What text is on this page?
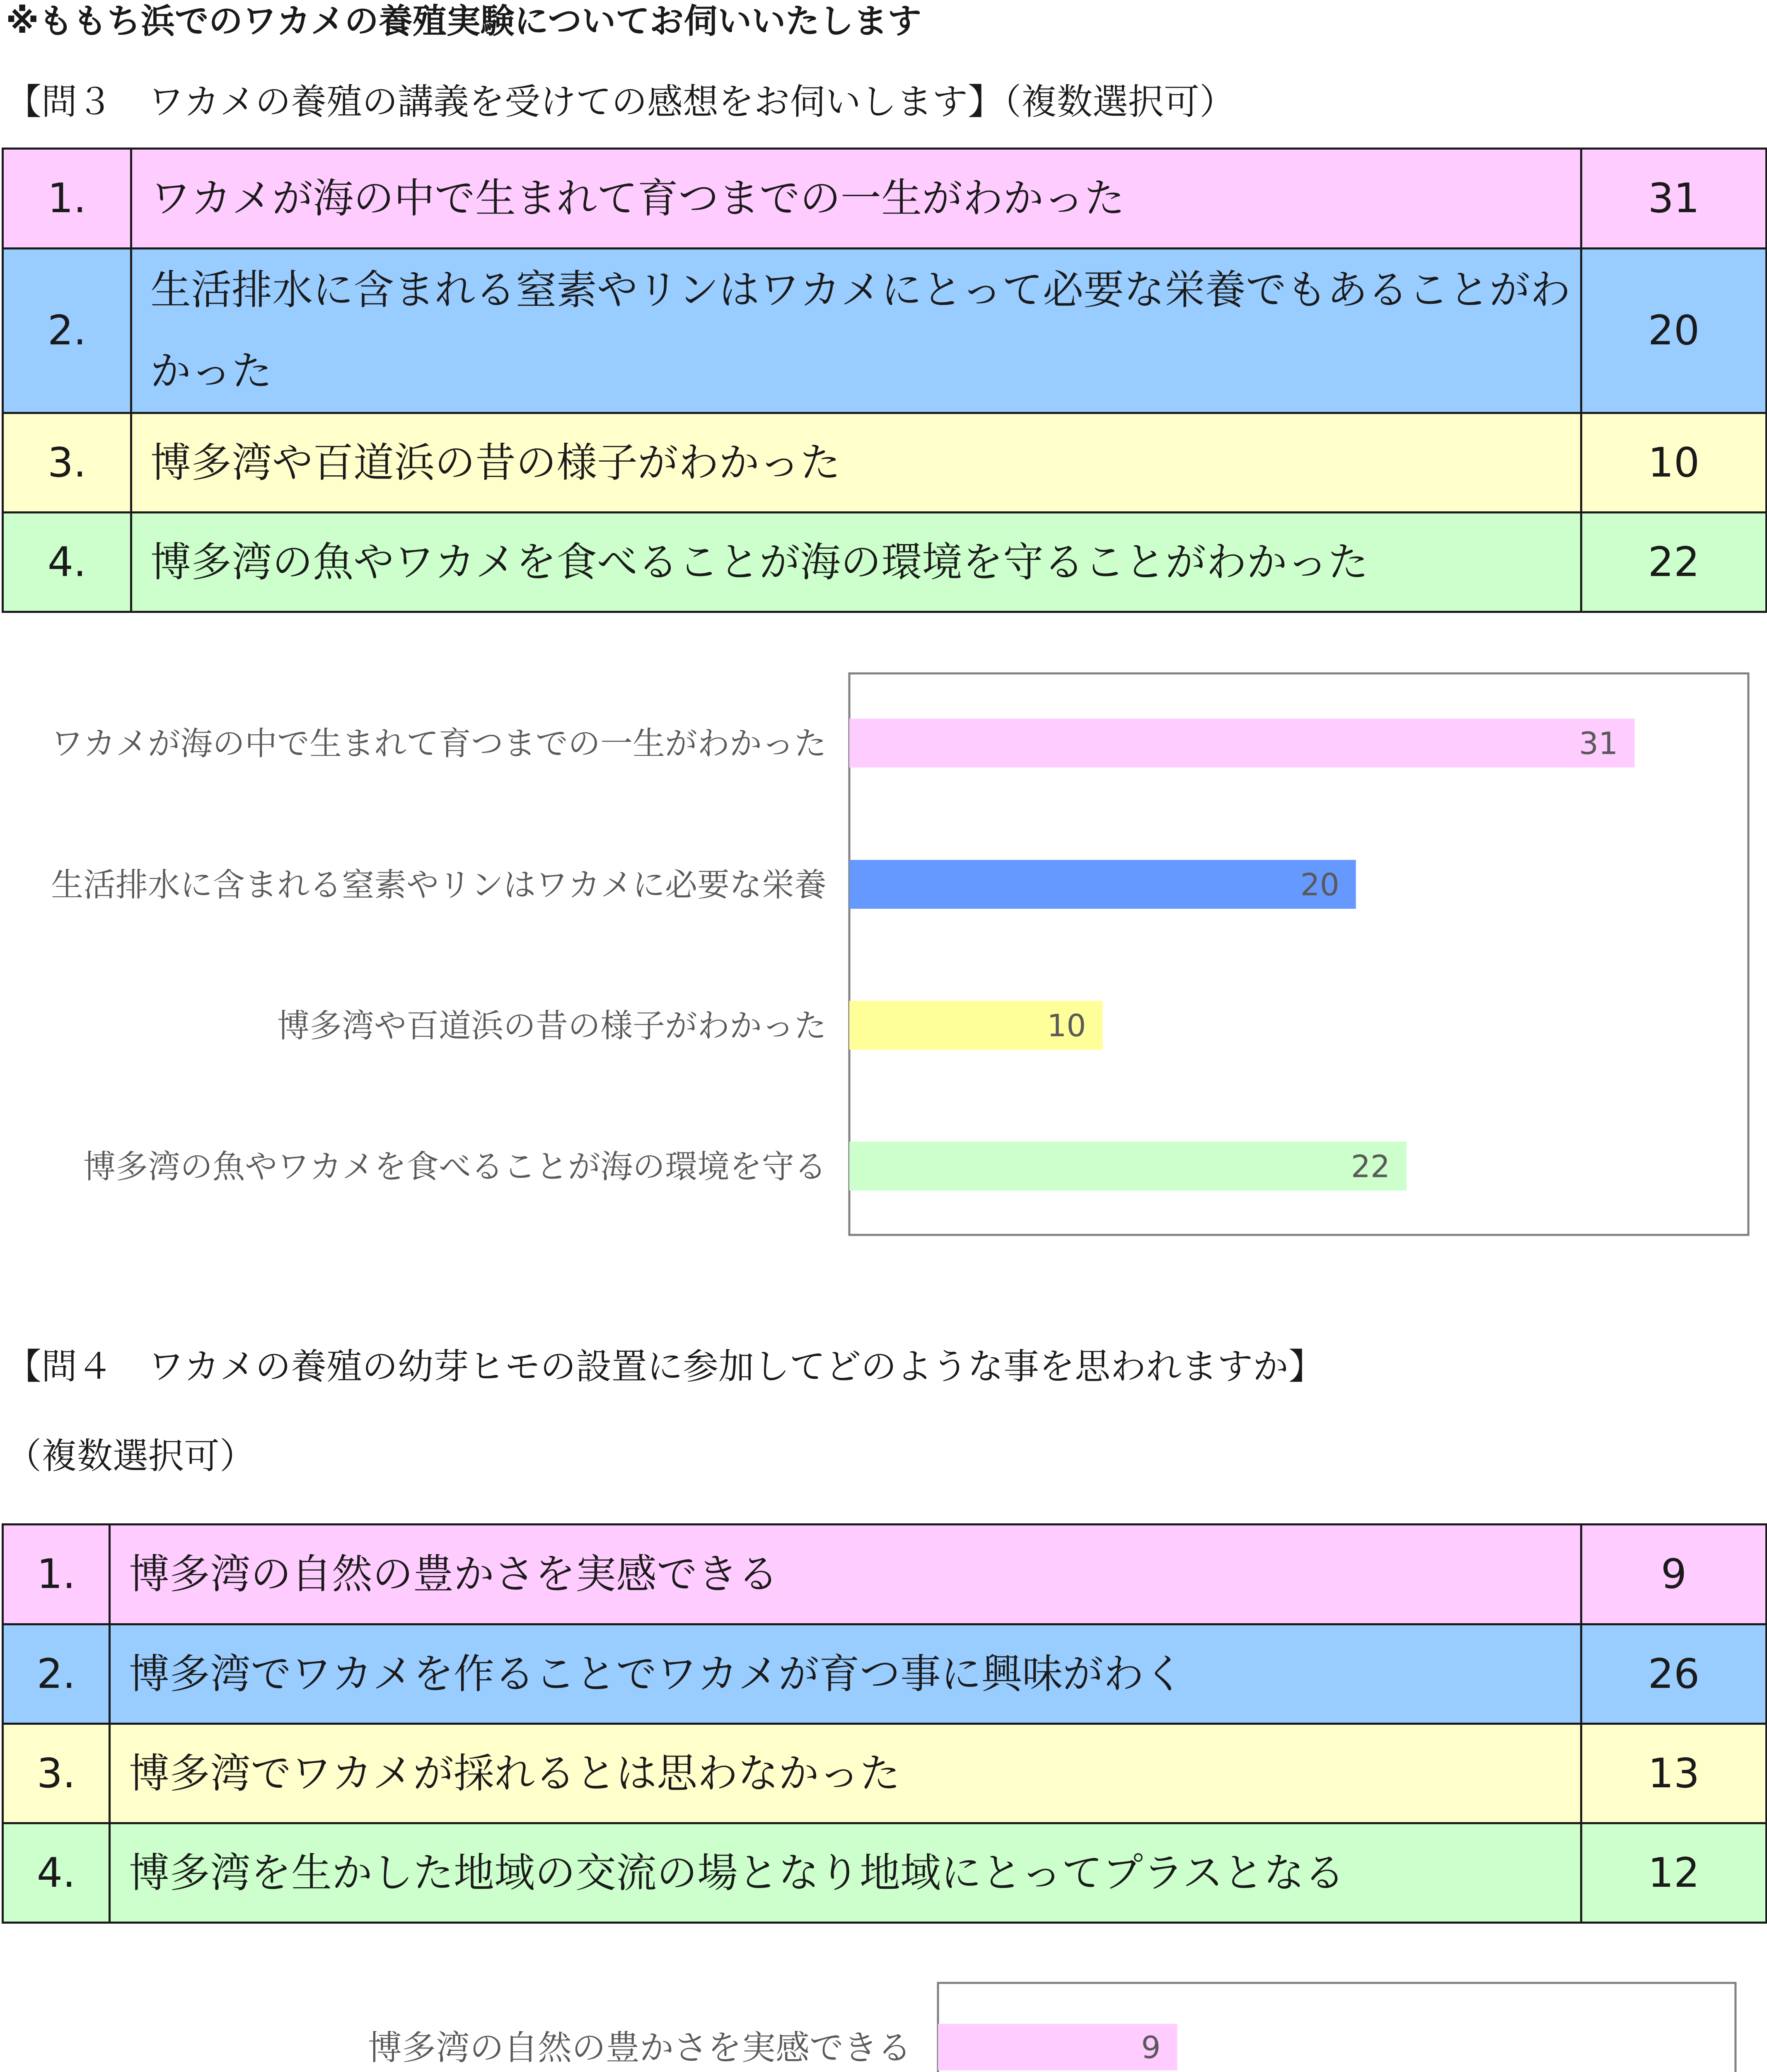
※ももち浜でのワカメの養殖実験についてお伺いいたします
【問３　ワカメの養殖の講義を受けての感想をお伺いします】（複数選択可）
1.	ワカメが海の中で生まれて育つまでの一生がわかった	31
2.	生活排水に含まれる窒素やリンはワカメにとって必要な栄養でもあることがわかった	20
3.	博多湾や百道浜の昔の様子がわかった	10
4.	博多湾の魚やワカメを食べることが海の環境を守ることがわかった	22
31
ワカメが海の中で生まれて育つまでの一生がわかった
20
生活排水に含まれる窒素やリンはワカメに必要な栄養
10
博多湾や百道浜の昔の様子がわかった
22
博多湾の魚やワカメを食べることが海の環境を守る
【問４　ワカメの養殖の幼芽ヒモの設置に参加してどのような事を思われますか】
（複数選択可）
1.	博多湾の自然の豊かさを実感できる	9
2.	博多湾でワカメを作ることでワカメが育つ事に興味がわく	26
3.	博多湾でワカメが採れるとは思わなかった	13
4.	博多湾を生かした地域の交流の場となり地域にとってプラスとなる	12
9
博多湾の自然の豊かさを実感できる
